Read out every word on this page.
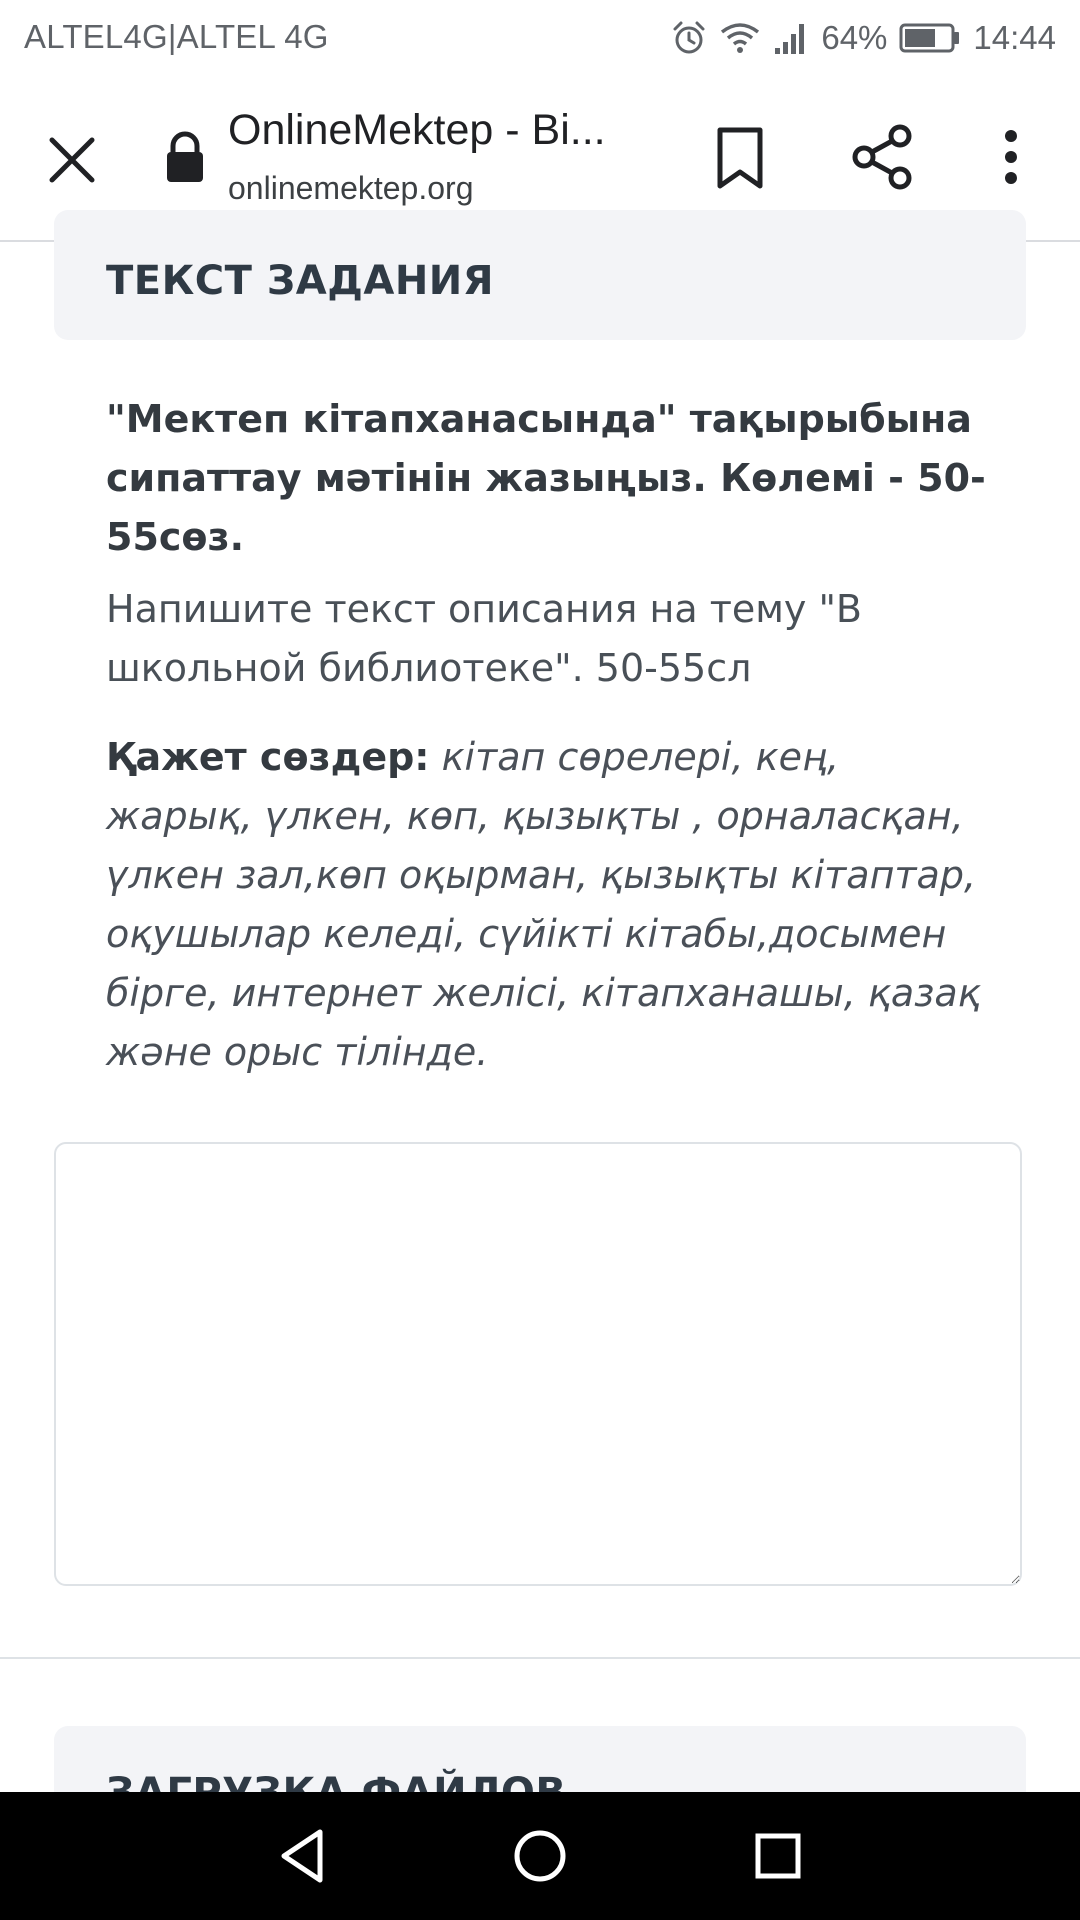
ALTEL4G|ALTEL 4G	64%	14:44
OnlineMektep - Bi...
onlinemektep.org
ТЕКСТ ЗАДАНИЯ
"Мектеп кітапханасында" тақырыбына сипаттау мәтінін жазыңыз. Көлемі - 50-55сөз.
Напишите текст описания на тему "В школьной библиотеке". 50-55сл
Қажет сөздер: кітап сөрелері, кең, жарық, үлкен, көп, қызықты , орналасқан, үлкен зал,көп оқырман, қызықты кітаптар, оқушылар келеді, сүйікті кітабы,досымен бірге, интернет желісі, кітапханашы, қазақ және орыс тілінде.
